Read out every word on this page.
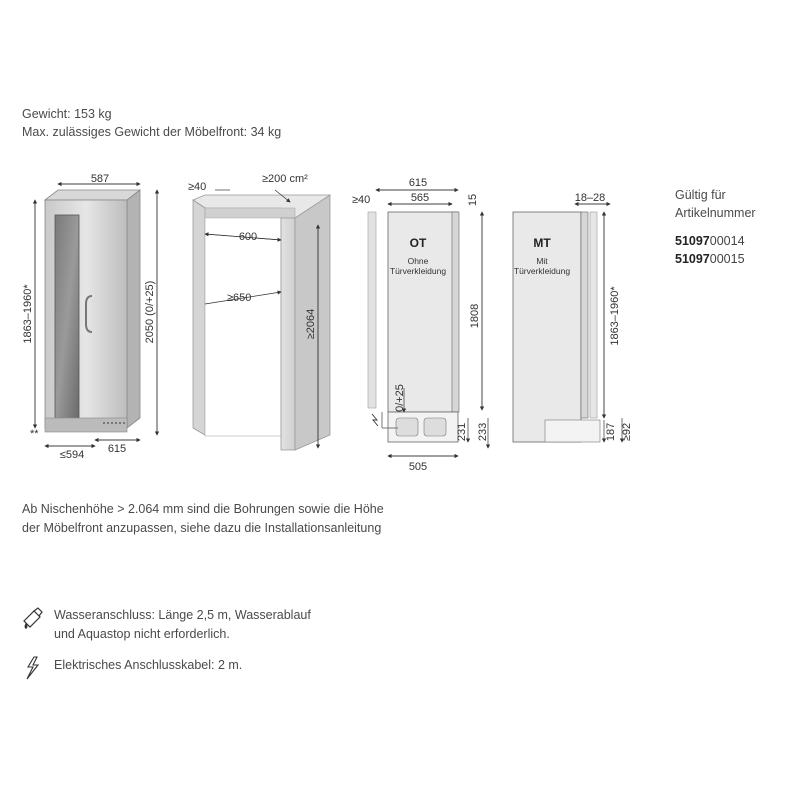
Gewicht: 153 kg
Max. zulässiges Gewicht der Möbelfront: 34 kg
Gültig für
Artikelnummer
5109700014
5109700015
587
1863–1960*	2050 (0/+25)
≤594 615
**
≥40
≥200 cm²
600
≥650
≥2064
OT
Ohne
Türverkleidung
≥40
615
565	15
1808
0/+25
231 233
505
MT
Mit
Türverkleidung
18–28
1863–1960*
187 ≥92
Ab Nischenhöhe > 2.064 mm sind die Bohrungen sowie die Höhe
der Möbelfront anzupassen, siehe dazu die Installationsanleitung
Wasseranschluss: Länge 2,5 m, Wasserablauf
und Aquastop nicht erforderlich.
Elektrisches Anschlusskabel: 2 m.
